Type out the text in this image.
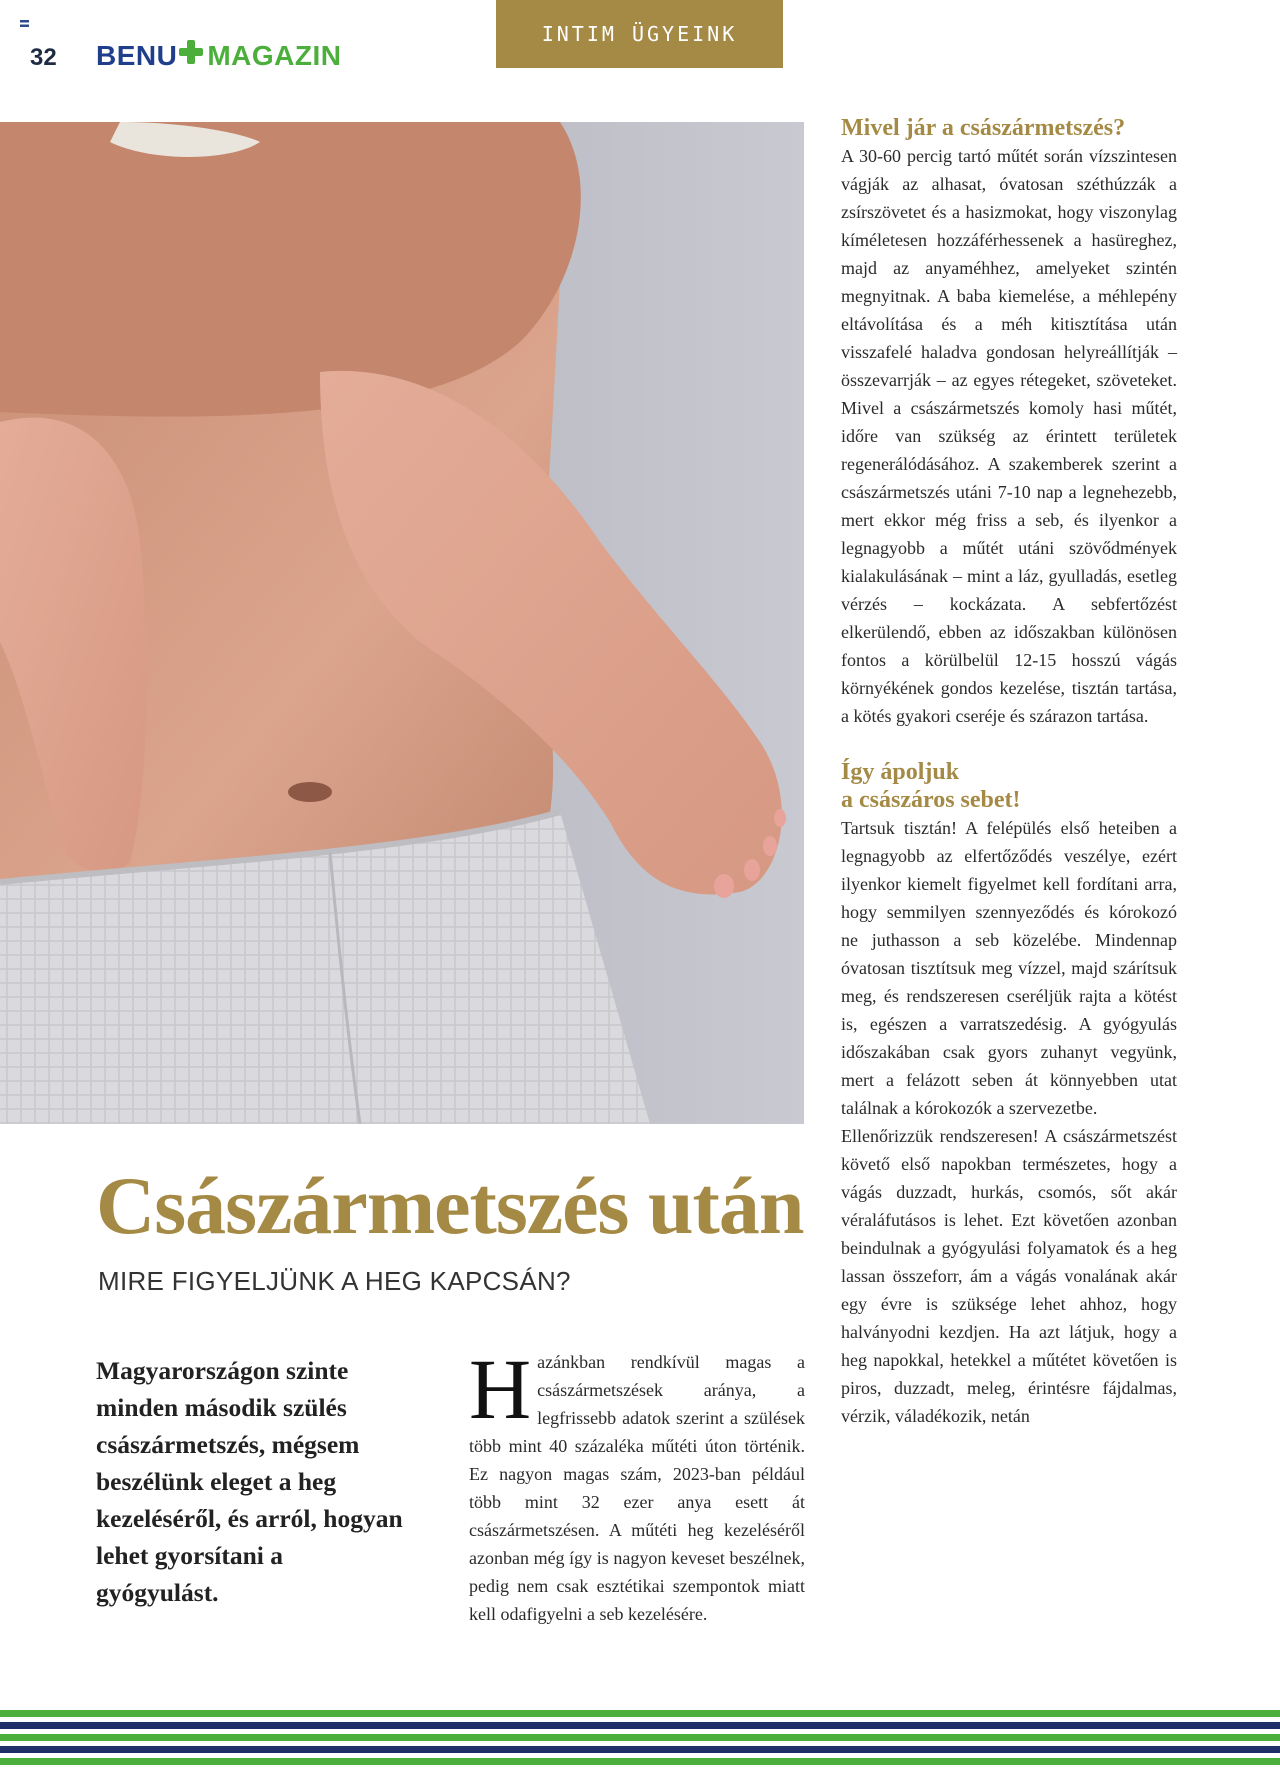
32 BENU MAGAZIN
INTIM ÜGYEINK
Császármetszés után
MIRE FIGYELJÜNK A HEG KAPCSÁN?
Magyarországon szinte minden második szülés császármetszés, mégsem beszélünk eleget a heg kezeléséről, és arról, hogyan lehet gyorsítani a gyógyulást.
Hazánkban rendkívül magas a császármetszések aránya, a legfrissebb adatok szerint a szülések több mint 40 százaléka műtéti úton történik. Ez nagyon magas szám, 2023-ban például több mint 32 ezer anya esett át császármetszésen. A műtéti heg kezeléséről azonban még így is nagyon keveset beszélnek, pedig nem csak esztétikai szempontok miatt kell odafigyelni a seb kezelésére.

Mivel jár a császármetszés?

A 30-60 percig tartó műtét során vízszintesen vágják az alhasat, óvatosan széthúzzák a zsírszövetet és a hasizmokat, hogy viszonylag kíméletesen hozzáférhessenek a hasüreghez, majd az anyaméhhez, amelyeket szintén megnyitnak. A baba kiemelése, a méhlepény eltávolítása és a méh kitisztítása után visszafelé haladva gondosan helyreállítják – összevarrják – az egyes rétegeket, szöveteket. Mivel a császármetszés komoly hasi műtét, időre van szükség az érintett területek regenerálódásához. A szakemberek szerint a császármetszés utáni 7-10 nap a legnehezebb, mert ekkor még friss a seb, és ilyenkor a legnagyobb a műtét utáni szövődmények kialakulásának – mint a láz, gyulladás, esetleg vérzés – kockázata. A sebfertőzést elkerülendő, ebben az időszakban különösen fontos a körülbelül 12-15 hosszú vágás környékének gondos kezelése, tisztán tartása, a kötés gyakori cseréje és szárazon tartása.

Így ápoljuk

a császáros sebet!

Tartsuk tisztán! A felépülés első heteiben a legnagyobb az elfertőződés veszélye, ezért ilyenkor kiemelt figyelmet kell fordítani arra, hogy semmilyen szennyeződés és kórokozó ne juthasson a seb közelébe. Mindennap óvatosan tisztítsuk meg vízzel, majd szárítsuk meg, és rendszeresen cseréljük rajta a kötést is, egészen a varratszedésig. A gyógyulás időszakában csak gyors zuhanyt vegyünk, mert a felázott seben át könnyebben utat találnak a kórokozók a szervezetbe.

Ellenőrizzük rendszeresen! A császármetszést követő első napokban természetes, hogy a vágás duzzadt, hurkás, csomós, sőt akár véraláfutásos is lehet. Ezt követően azonban beindulnak a gyógyulási folyamatok és a heg lassan összeforr, ám a vágás vonalának akár egy évre is szüksége lehet ahhoz, hogy halványodni kezdjen. Ha azt látjuk, hogy a heg napokkal, hetekkel a műtétet követően is piros, duzzadt, meleg, érintésre fájdalmas, vérzik, váladékozik, netán
